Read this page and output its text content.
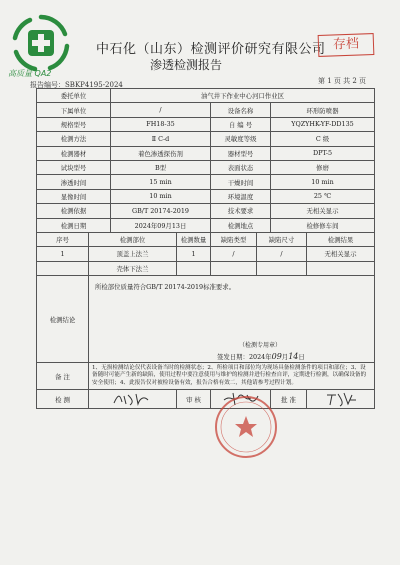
高质量 QA2
中石化（山东）检测评价研究有限公司
渗透检测报告
存档
报告编号：SBKP4195-2024	第 1 页 共 2 页
委托单位		油气井下作业中心河口作业区					
下属单位		/		设备名称		环形防喷器	
规格型号		FH18-35		自 编 号		YQZYHK-YF-DD135	
检测方法		Ⅱ C-d		灵敏度等级		C 级	
检测器材		着色渗透探伤剂		器材型号		DPT-5	
试块型号		B型		表面状态		修磨	
渗透时间		15 min		干燥时间		10 min	
显像时间		10 min		环境温度		25 ℃	
检测依据		GB/T 20174-2019		技术要求		无相关显示	
检测日期		2024年09月13日		检测地点		检修修车间	
序号	检测部位		检测数量	缺陷类型	缺陷尺寸		检测结果
1	顶盖上法兰		1	/	/		无相关显示
	壳体下法兰						
检测结论	所检部位质量符合GB/T 20174-2019标准要求。
（检测专用章）
签发日期：2024年09月14日						

备 注	1、无损检测结论仅代表设备当时的检测状态；2、所检项目和部位均为现场具备检测条件的项目和部位；3、设备随时可能产生新的缺陷，使用过程中要注意使用与维护的检测并进行检查自评，定期进行检测，以确保设备的安全使用；4、此报告仅对被检设备有效，报告合格有效二，其他请参考过程计划。						
检 测			审 核			批 准	
